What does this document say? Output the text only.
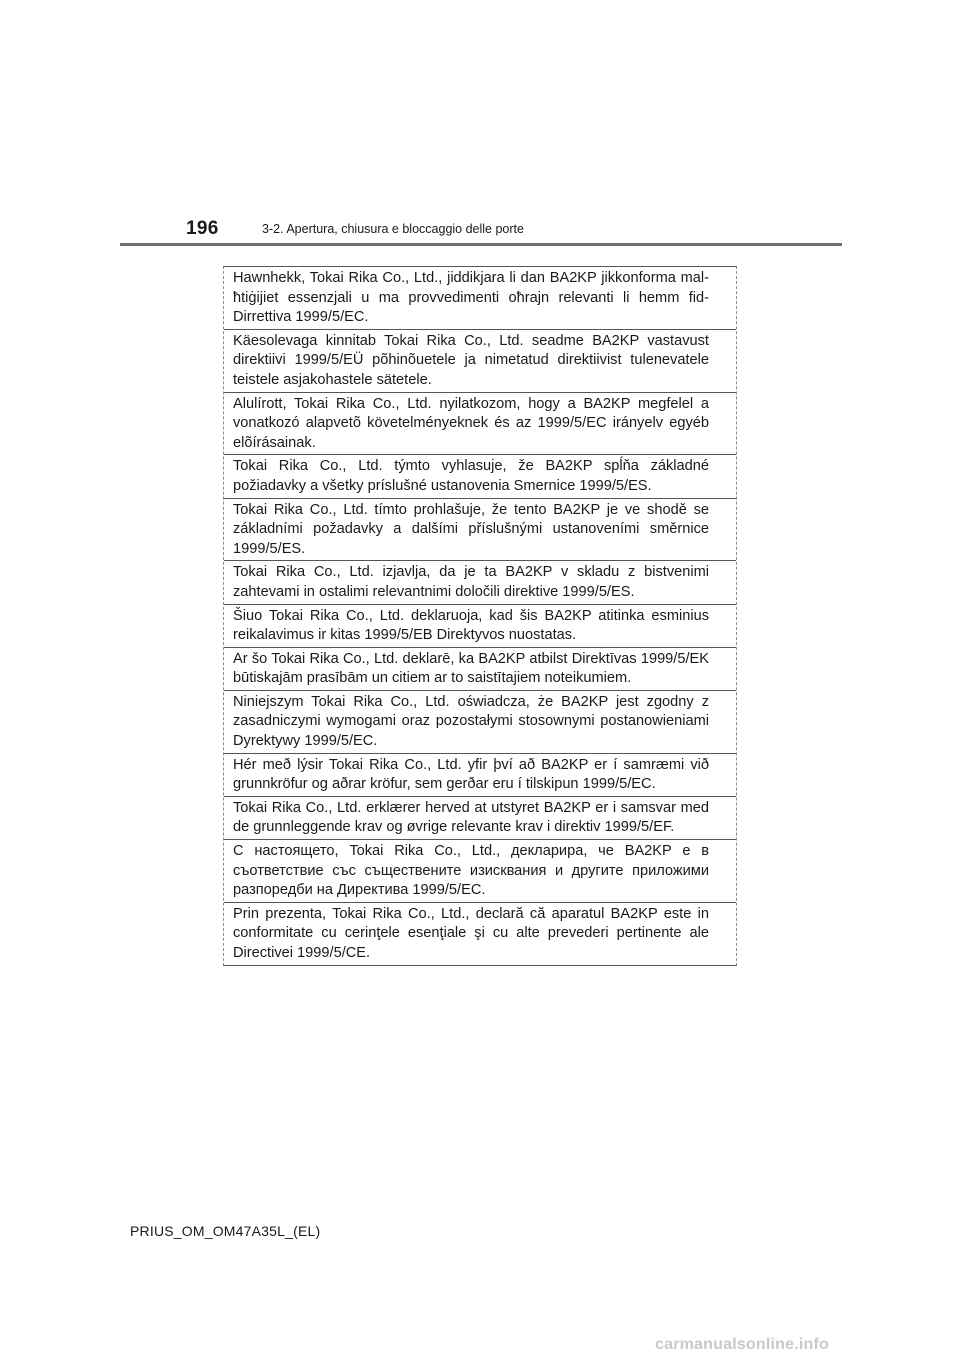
196	3-2. Apertura, chiusura e bloccaggio delle porte
Hawnhekk, Tokai Rika Co., Ltd., jiddikjara li dan BA2KP jikkonforma mal-ħtiġijiet essenzjali u ma provvedimenti oħrajn relevanti li hemm fid-Dirrettiva 1999/5/EC.
Käesolevaga kinnitab Tokai Rika Co., Ltd. seadme BA2KP vastavust direktiivi 1999/5/EÜ põhinõuetele ja nimetatud direktiivist tulenevatele teistele asjakohastele sätetele.
Alulírott, Tokai Rika Co., Ltd. nyilatkozom, hogy a BA2KP megfelel a vonatkozó alapvetõ követelményeknek és az 1999/5/EC irányelv egyéb elõírásainak.
Tokai Rika Co., Ltd. týmto vyhlasuje, že BA2KP spĺňa základné požiadavky a všetky príslušné ustanovenia Smernice 1999/5/ES.
Tokai Rika Co., Ltd. tímto prohlašuje, že tento BA2KP je ve shodě se základními požadavky a dalšími příslušnými ustanoveními směrnice 1999/5/ES.
Tokai Rika Co., Ltd. izjavlja, da je ta BA2KP v skladu z bistvenimi zahtevami in ostalimi relevantnimi določili direktive 1999/5/ES.
Šiuo Tokai Rika Co., Ltd. deklaruoja, kad šis BA2KP atitinka esminius reikalavimus ir kitas 1999/5/EB Direktyvos nuostatas.
Ar šo Tokai Rika Co., Ltd. deklarē, ka BA2KP atbilst Direktīvas 1999/5/EK būtiskajām prasībām un citiem ar to saistītajiem noteikumiem.
Niniejszym Tokai Rika Co., Ltd. oświadcza, że BA2KP jest zgodny z zasadniczymi wymogami oraz pozostałymi stosownymi postanowieniami Dyrektywy 1999/5/EC.
Hér með lýsir Tokai Rika Co., Ltd. yfir því að BA2KP er í samræmi við grunnkröfur og aðrar kröfur, sem gerðar eru í tilskipun 1999/5/EC.
Tokai Rika Co., Ltd. erklærer herved at utstyret BA2KP er i samsvar med de grunnleggende krav og øvrige relevante krav i direktiv 1999/5/EF.
С настоящето, Tokai Rika Co., Ltd., декларира, че BA2KP е в съответствие със съществените изисквания и другите приложими разпоредби на Директива 1999/5/EC.
Prin prezenta, Tokai Rika Co., Ltd., declară că aparatul BA2KP este in conformitate cu cerinţele esenţiale şi cu alte prevederi pertinente ale Directivei 1999/5/CE.
PRIUS_OM_OM47A35L_(EL)
carmanualsonline.info
